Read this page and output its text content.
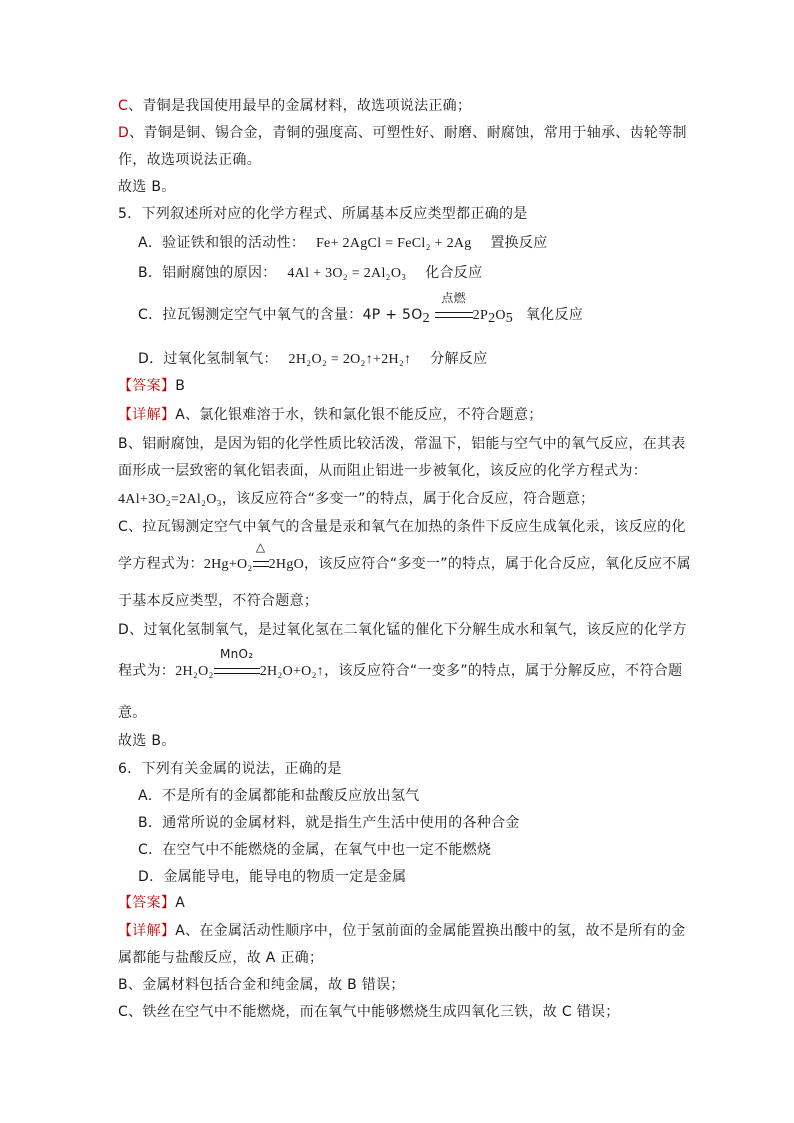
C、青铜是我国使用最早的金属材料，故选项说法正确；
D、青铜是铜、锡合金，青铜的强度高、可塑性好、耐磨、耐腐蚀，常用于轴承、齿轮等制
作，故选项说法正确。
故选 B。
5．下列叙述所对应的化学方程式、所属基本反应类型都正确的是
A．验证铁和银的活动性： Fe+ 2AgCl = FeCl₂ + 2Ag 置换反应
B．铝耐腐蚀的原因： 4Al + 3O₂ = 2Al₂O₃ 化合反应
C．拉瓦锡测定空气中氧气的含量：$4P + 5O_2$
点燃
$2P_2O_5$ 氧化反应
D．过氧化氢制氧气： 2H₂O₂ = 2O₂↑+2H₂↑ 分解反应
【答案】B
【详解】A、氯化银难溶于水，铁和氯化银不能反应，不符合题意；
B、铝耐腐蚀，是因为铝的化学性质比较活泼，常温下，铝能与空气中的氧气反应，在其表
面形成一层致密的氧化铝表面，从而阻止铝进一步被氧化，该反应的化学方程式为：
4Al+3O₂=2Al₂O₃，该反应符合“多变一”的特点，属于化合反应，符合题意；
C、拉瓦锡测定空气中氧气的含量是汞和氧气在加热的条件下反应生成氧化汞，该反应的化
学方程式为：2Hg+O₂
△
2HgO，该反应符合“多变一”的特点，属于化合反应，氧化反应不属
于基本反应类型，不符合题意；
D、过氧化氢制氧气，是过氧化氢在二氧化锰的催化下分解生成水和氧气，该反应的化学方
程式为：2H₂O₂
MnO₂
2H₂O+O₂↑，该反应符合“一变多”的特点，属于分解反应，不符合题
意。
故选 B。
6．下列有关金属的说法，正确的是
A．不是所有的金属都能和盐酸反应放出氢气
B．通常所说的金属材料，就是指生产生活中使用的各种合金
C．在空气中不能燃烧的金属，在氧气中也一定不能燃烧
D．金属能导电，能导电的物质一定是金属
【答案】A
【详解】A、在金属活动性顺序中，位于氢前面的金属能置换出酸中的氢，故不是所有的金
属都能与盐酸反应，故 A 正确；
B、金属材料包括合金和纯金属，故 B 错误；
C、铁丝在空气中不能燃烧，而在氧气中能够燃烧生成四氧化三铁，故 C 错误；
